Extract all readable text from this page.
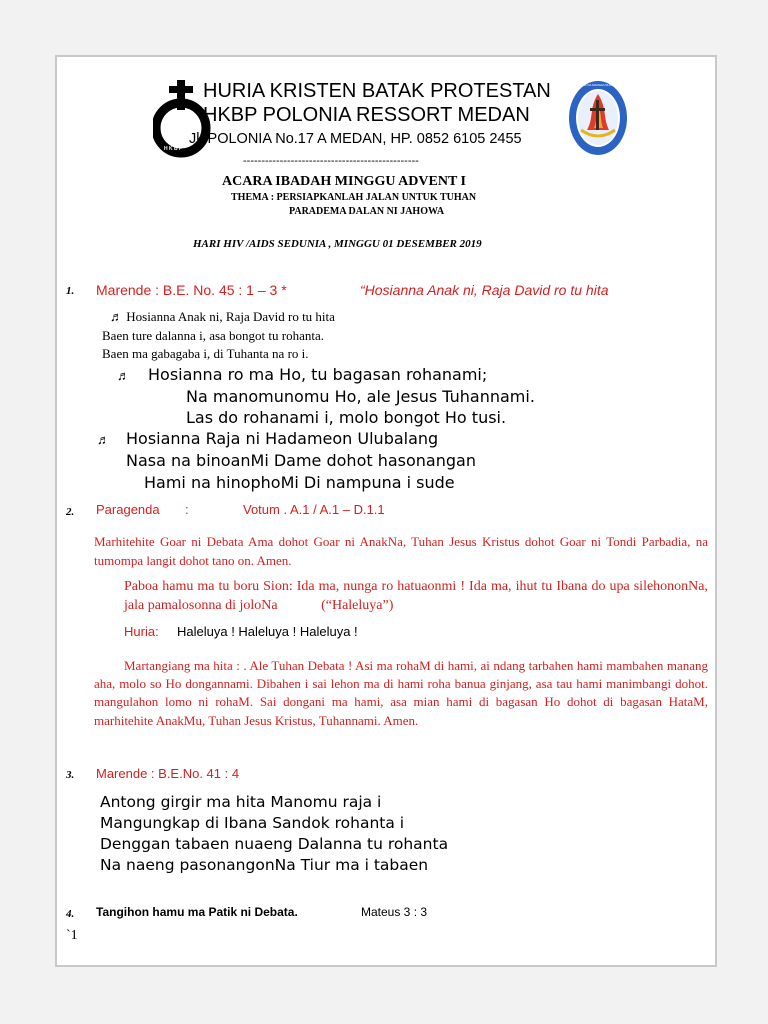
H K B P
GARAPAN NA MANGHUSURHON · MATIUS 5:16
HURIA KRISTEN BATAK PROTESTAN
HKBP POLONIA RESSORT MEDAN
Jl. POLONIA No.17 A MEDAN, HP. 0852 6105 2455
------------------------------------------------
ACARA IBADAH MINGGU ADVENT I
THEMA : PERSIAPKANLAH JALAN UNTUK TUHAN
PARADEMA DALAN NI JAHOWA
HARI HIV /AIDS SEDUNIA , MINGGU 01 DESEMBER 2019
1. Marende : B.E. No. 45 : 1 – 3 *	“Hosianna Anak ni, Raja David ro tu hita
♬ Hosianna Anak ni, Raja David ro tu hita
Baen ture dalanna i, asa bongot tu rohanta.
Baen ma gabagaba i, di Tuhanta na ro i.
♬ Hosianna ro ma Ho, tu bagasan rohanami;
Na manomunomu Ho, ale Jesus Tuhannami.
Las do rohanami i, molo bongot Ho tusi.
♬ Hosianna Raja ni Hadameon Ulubalang
Nasa na binoanMi Dame dohot hasonangan
Hami na hinophoMi Di nampuna i sude
2. Paragenda :	Votum . A.1 / A.1 – D.1.1
Marhitehite Goar ni Debata Ama dohot Goar ni AnakNa, Tuhan Jesus Kristus dohot Goar ni Tondi Parbadia, na tumompa langit dohot tano on. Amen.
Paboa hamu ma tu boru Sion: Ida ma, nunga ro hatuaonmi ! Ida ma, ihut tu Ibana do upa silehononNa, jala pamalosonna di joloNa	(“Haleluya”)
Huria: Haleluya ! Haleluya ! Haleluya !
Martangiang ma hita : . Ale Tuhan Debata ! Asi ma rohaM di hami, ai ndang tarbahen hami mambahen manang aha, molo so Ho dongannami. Dibahen i sai lehon ma di hami roha banua ginjang, asa tau hami manimbangi dohot. mangulahon lomo ni rohaM. Sai dongani ma hami, asa mian hami di bagasan Ho dohot di bagasan HataM, marhitehite AnakMu, Tuhan Jesus Kristus, Tuhannami. Amen.
3. Marende : B.E.No. 41 : 4
Antong girgir ma hita Manomu raja i
Mangungkap di Ibana Sandok rohanta i
Denggan tabaen nuaeng Dalanna tu rohanta
Na naeng pasonangonNa Tiur ma i tabaen
4. Tangihon hamu ma Patik ni Debata.	Mateus 3 : 3
`1
